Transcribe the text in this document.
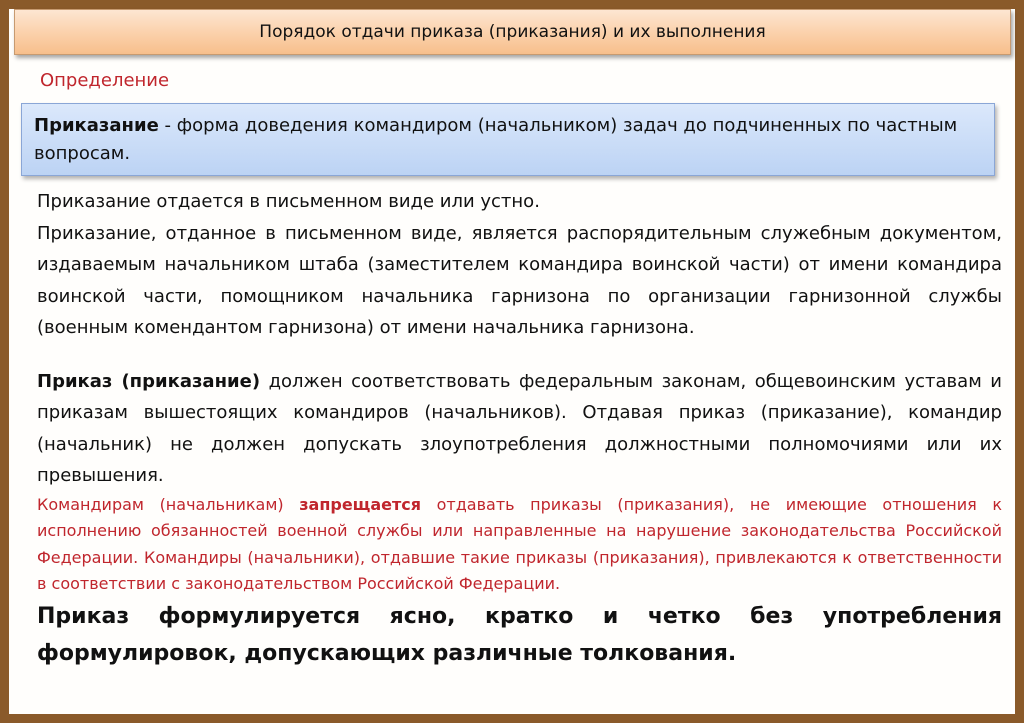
Порядок отдачи приказа (приказания) и их выполнения
Определение
Приказание - форма доведения командиром (начальником) задач до подчиненных по частным вопросам.

Приказание отдается в письменном виде или устно.

Приказание, отданное в письменном виде, является распорядительным служебным документом, издаваемым начальником штаба (заместителем командира воинской части) от имени командира воинской части, помощником начальника гарнизона по организации гарнизонной службы (военным комендантом гарнизона) от имени начальника гарнизона.

Приказ (приказание) должен соответствовать федеральным законам, общевоинским уставам и приказам вышестоящих командиров (начальников). Отдавая приказ (приказание), командир (начальник) не должен допускать злоупотребления должностными полномочиями или их превышения.

Командирам (начальникам) запрещается отдавать приказы (приказания), не имеющие отношения к исполнению обязанностей военной службы или направленные на нарушение законодательства Российской Федерации. Командиры (начальники), отдавшие такие приказы (приказания), привлекаются к ответственности в соответствии с законодательством Российской Федерации.

Приказ формулируется ясно, кратко и четко без употребления формулировок, допускающих различные толкования.
